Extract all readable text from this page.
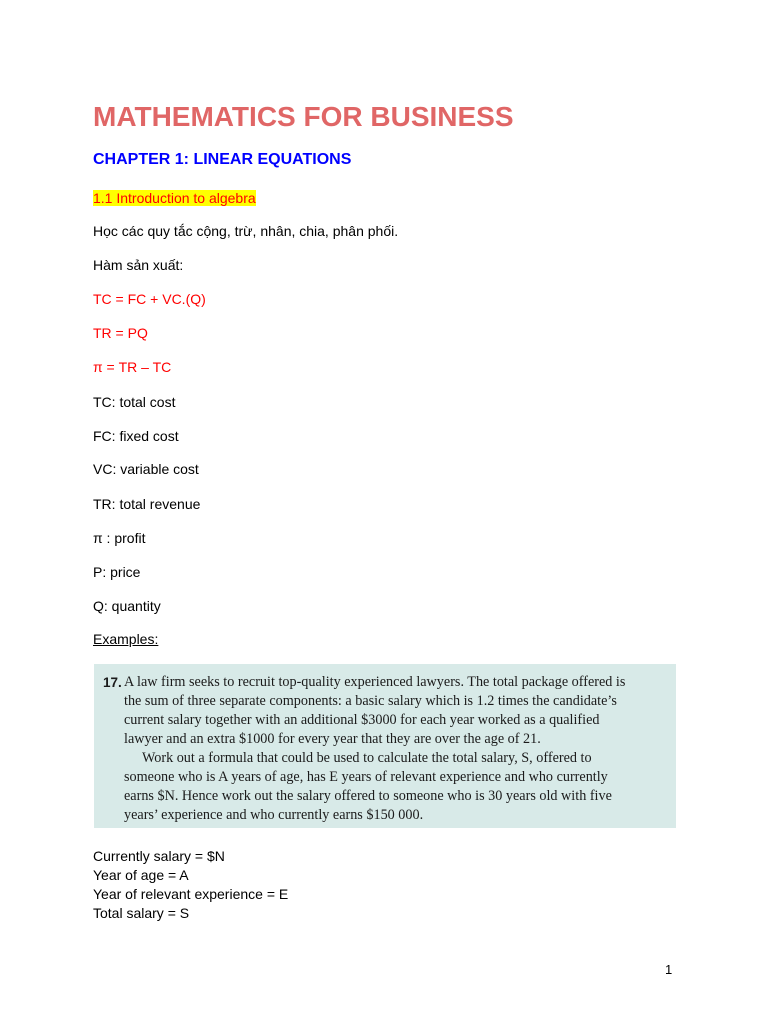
MATHEMATICS FOR BUSINESS
CHAPTER 1: LINEAR EQUATIONS
1.1 Introduction to algebra
Học các quy tắc cộng, trừ, nhân, chia, phân phối.
Hàm sản xuất:
TC = FC + VC.(Q)
TR = PQ
π = TR – TC
TC: total cost
FC: fixed cost
VC: variable cost
TR: total revenue
π : profit
P: price
Q: quantity
Examples:
17. A law firm seeks to recruit top-quality experienced lawyers. The total package offered is
the sum of three separate components: a basic salary which is 1.2 times the candidate’s
current salary together with an additional $3000 for each year worked as a qualified
lawyer and an extra $1000 for every year that they are over the age of 21.
Work out a formula that could be used to calculate the total salary, S, offered to
someone who is A years of age, has E years of relevant experience and who currently
earns $N. Hence work out the salary offered to someone who is 30 years old with five
years’ experience and who currently earns $150 000.
Currently salary = $N
Year of age = A
Year of relevant experience = E
Total salary = S
1
